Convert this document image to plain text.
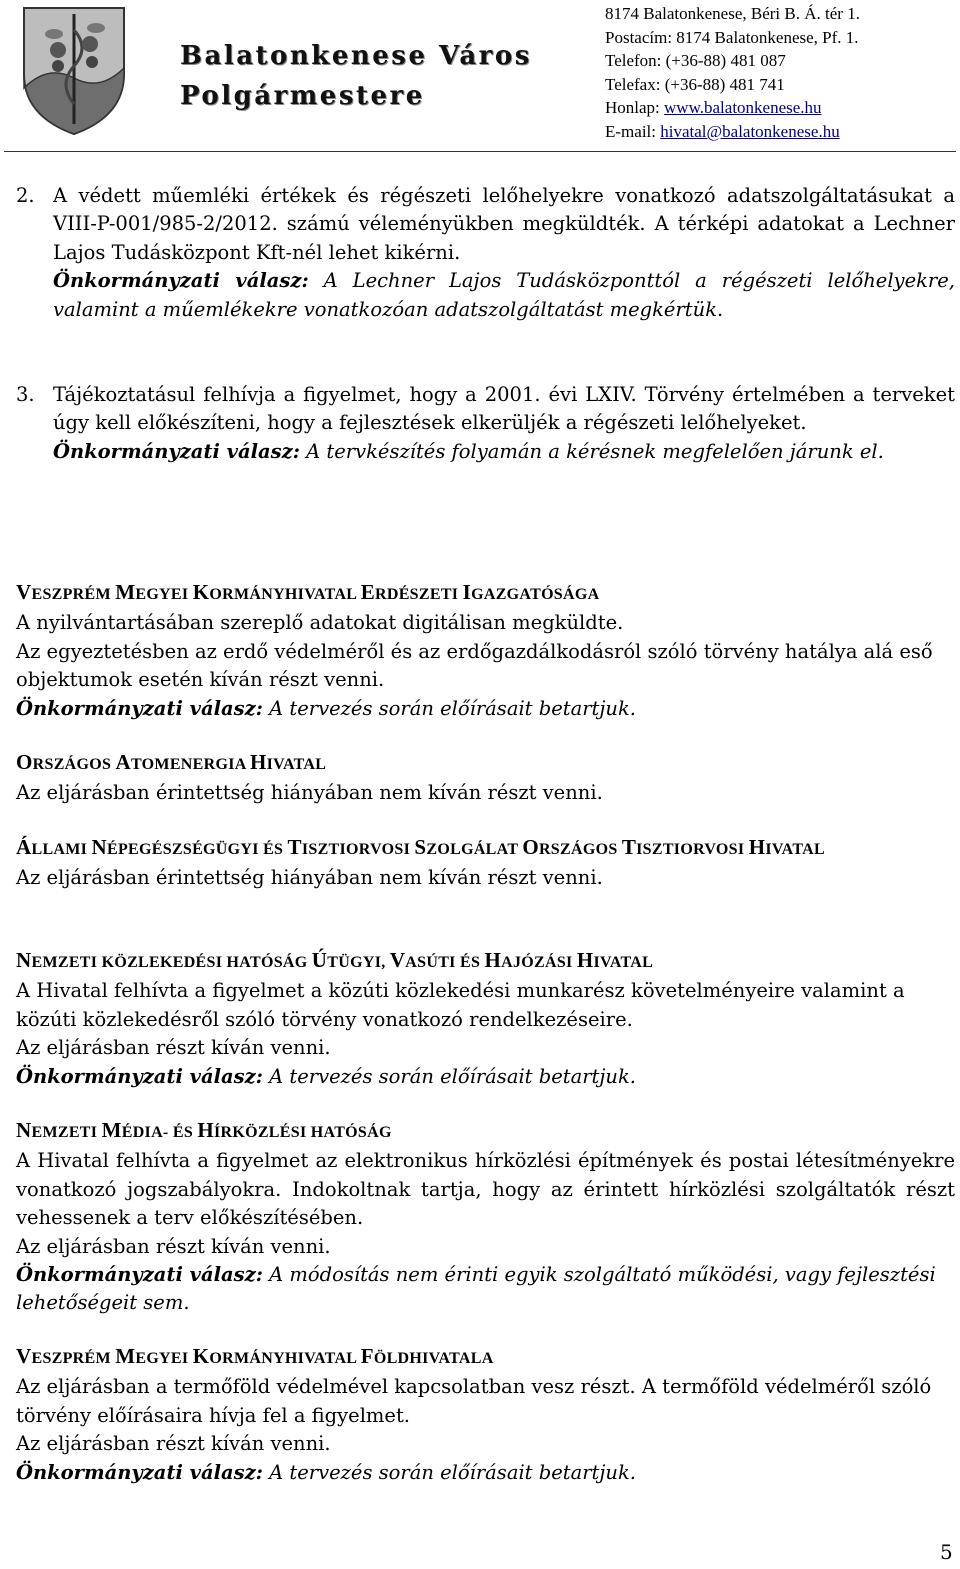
Balatonkenese Város
Polgármestere
8174 Balatonkenese, Béri B. Á. tér 1.
Postacím: 8174 Balatonkenese, Pf. 1.
Telefon: (+36-88) 481 087
Telefax: (+36-88) 481 741
Honlap: www.balatonkenese.hu
E-mail: hivatal@balatonkenese.hu
2. A védett műemléki értékek és régészeti lelőhelyekre vonatkozó adatszolgáltatásukat a VIII-P-001/985-2/2012. számú véleményükben megküldték. A térképi adatokat a Lechner Lajos Tudásközpont Kft-nél lehet kikérni.
Önkormányzati válasz: A Lechner Lajos Tudásközponttól a régészeti lelőhelyekre, valamint a műemlékekre vonatkozóan adatszolgáltatást megkértük.
3. Tájékoztatásul felhívja a figyelmet, hogy a 2001. évi LXIV. Törvény értelmében a terveket úgy kell előkészíteni, hogy a fejlesztések elkerüljék a régészeti lelőhelyeket.
Önkormányzati válasz: A tervkészítés folyamán a kérésnek megfelelően járunk el.
VESZPRÉM MEGYEI KORMÁNYHIVATAL ERDÉSZETI IGAZGATÓSÁGA
A nyilvántartásában szereplő adatokat digitálisan megküldte.
Az egyeztetésben az erdő védelméről és az erdőgazdálkodásról szóló törvény hatálya alá eső objektumok esetén kíván részt venni.
Önkormányzati válasz: A tervezés során előírásait betartjuk.
ORSZÁGOS ATOMENERGIA HIVATAL
Az eljárásban érintettség hiányában nem kíván részt venni.
ÁLLAMI NÉPEGÉSZSÉGÜGYI ÉS TISZTIORVOSI SZOLGÁLAT ORSZÁGOS TISZTIORVOSI HIVATAL
Az eljárásban érintettség hiányában nem kíván részt venni.
NEMZETI KÖZLEKEDÉSI HATÓSÁG ÚTÜGYI, VASÚTI ÉS HAJÓZÁSI HIVATAL
A Hivatal felhívta a figyelmet a közúti közlekedési munkarész követelményeire valamint a közúti közlekedésről szóló törvény vonatkozó rendelkezéseire.
Az eljárásban részt kíván venni.
Önkormányzati válasz: A tervezés során előírásait betartjuk.
NEMZETI MÉDIA- ÉS HÍRKÖZLÉSI HATÓSÁG
A Hivatal felhívta a figyelmet az elektronikus hírközlési építmények és postai létesítményekre vonatkozó jogszabályokra. Indokoltnak tartja, hogy az érintett hírközlési szolgáltatók részt vehessenek a terv előkészítésében.
Az eljárásban részt kíván venni.
Önkormányzati válasz: A módosítás nem érinti egyik szolgáltató működési, vagy fejlesztési lehetőségeit sem.
VESZPRÉM MEGYEI KORMÁNYHIVATAL FÖLDHIVATALA
Az eljárásban a termőföld védelmével kapcsolatban vesz részt. A termőföld védelméről szóló törvény előírásaira hívja fel a figyelmet.
Az eljárásban részt kíván venni.
Önkormányzati válasz: A tervezés során előírásait betartjuk.
5
